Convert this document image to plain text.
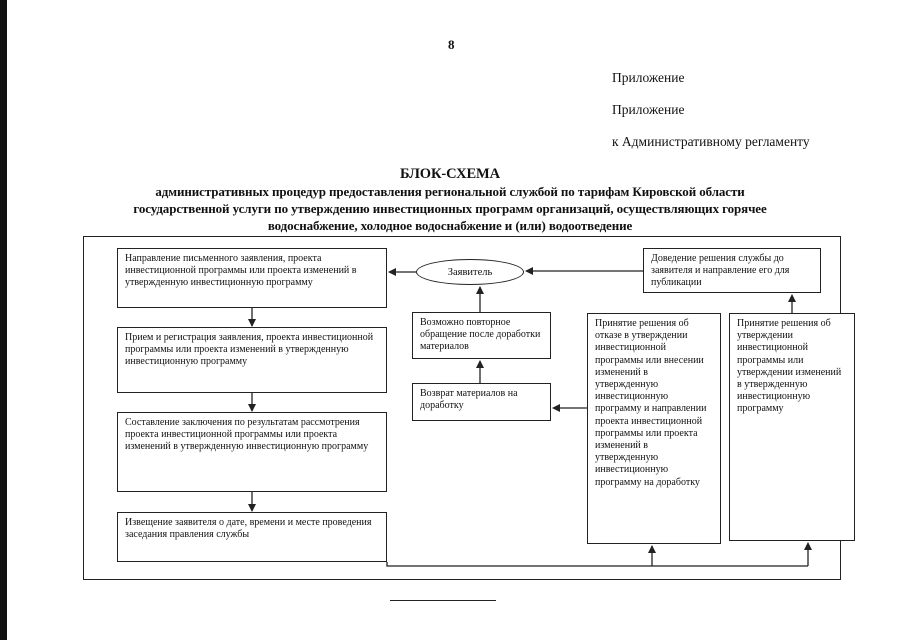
8
Приложение
Приложение
к Административному регламенту
БЛОК-СХЕМА
административных процедур предоставления региональной службой по тарифам Кировской области
государственной услуги по утверждению инвестиционных программ организаций, осуществляющих горячее
водоснабжение, холодное водоснабжение и (или) водоотведение
Направление письменного заявления, проекта инвестиционной программы или проекта изменений в утвержденную инвестиционную программу
Прием и регистрация заявления, проекта инвестиционной программы или проекта изменений в утвержденную инвестиционную программу
Составление заключения по результатам рассмотрения проекта инвестиционной программы или проекта изменений в утвержденную инвестиционную программу
Извещение заявителя о дате, времени и месте проведения заседания правления службы
Заявитель
Возможно повторное обращение после доработки материалов
Возврат материалов на доработку
Принятие решения об отказе в утверждении инвестиционной программы или внесении изменений в утвержденную инвестиционную программу и направлении проекта инвестиционной программы или проекта изменений в утвержденную инвестиционную программу на доработку
Принятие решения об утверждении инвестиционной программы или утверждении изменений в утвержденную инвестиционную программу
Доведение решения службы до заявителя и направление его для публикации
